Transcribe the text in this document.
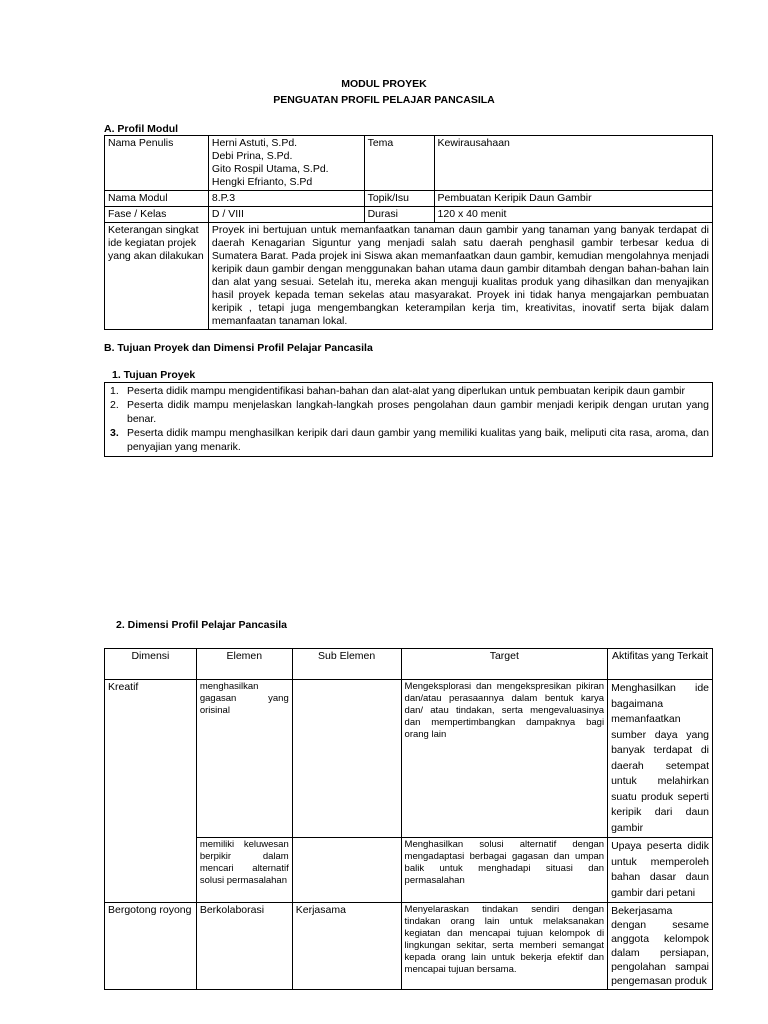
MODUL PROYEK
PENGUATAN PROFIL PELAJAR PANCASILA
A. Profil Modul
Nama Penulis	Herni Astuti, S.Pd.
Debi Prina, S.Pd.
Gito Rospil Utama, S.Pd.
Hengki Efrianto, S.Pd	Tema	Kewirausahaan
Nama Modul	8.P.3	Topik/Isu	Pembuatan Keripik Daun Gambir
Fase / Kelas	D / VIII	Durasi	120 x 40 menit
Keterangan singkat ide kegiatan projek yang akan dilakukan	Proyek ini bertujuan untuk memanfaatkan tanaman daun gambir yang tanaman yang banyak terdapat di daerah Kenagarian Siguntur yang menjadi salah satu daerah penghasil gambir terbesar kedua di Sumatera Barat. Pada projek ini Siswa akan memanfaatkan daun gambir, kemudian mengolahnya menjadi keripik daun gambir dengan menggunakan bahan utama daun gambir ditambah dengan bahan-bahan lain dan alat yang sesuai. Setelah itu, mereka akan menguji kualitas produk yang dihasilkan dan menyajikan hasil proyek kepada teman sekelas atau masyarakat. Proyek ini tidak hanya mengajarkan pembuatan keripik , tetapi juga mengembangkan keterampilan kerja tim, kreativitas, inovatif serta bijak dalam memanfaatan tanaman lokal.		
B. Tujuan Proyek dan Dimensi Profil Pelajar Pancasila
1. Tujuan Proyek
1. Peserta didik mampu mengidentifikasi bahan-bahan dan alat-alat yang diperlukan untuk pembuatan keripik daun gambir
2. Peserta didik mampu menjelaskan langkah-langkah proses pengolahan daun gambir menjadi keripik dengan urutan yang benar.
3. Peserta didik mampu menghasilkan keripik dari daun gambir yang memiliki kualitas yang baik, meliputi cita rasa, aroma, dan penyajian yang menarik.
2. Dimensi Profil Pelajar Pancasila
Dimensi	Elemen	Sub Elemen	Target	Aktifitas yang Terkait
Kreatif	menghasilkan gagasan yang orisinal		Mengeksplorasi dan mengekspresikan pikiran dan/atau perasaannya dalam bentuk karya dan/ atau tindakan, serta mengevaluasinya dan mempertimbangkan dampaknya bagi orang lain	Menghasilkan ide bagaimana memanfaatkan sumber daya yang banyak terdapat di daerah setempat untuk melahirkan suatu produk seperti keripik dari daun gambir
	memiliki keluwesan berpikir dalam mencari alternatif solusi permasalahan		Menghasilkan solusi alternatif dengan mengadaptasi berbagai gagasan dan umpan balik untuk menghadapi situasi dan permasalahan	Upaya peserta didik untuk memperoleh bahan dasar daun gambir dari petani
Bergotong royong	Berkolaborasi	Kerjasama	Menyelaraskan tindakan sendiri dengan tindakan orang lain untuk melaksanakan kegiatan dan mencapai tujuan kelompok di lingkungan sekitar, serta memberi semangat kepada orang lain untuk bekerja efektif dan mencapai tujuan bersama.	Bekerjasama dengan sesame anggota kelompok dalam persiapan, pengolahan sampai pengemasan produk
